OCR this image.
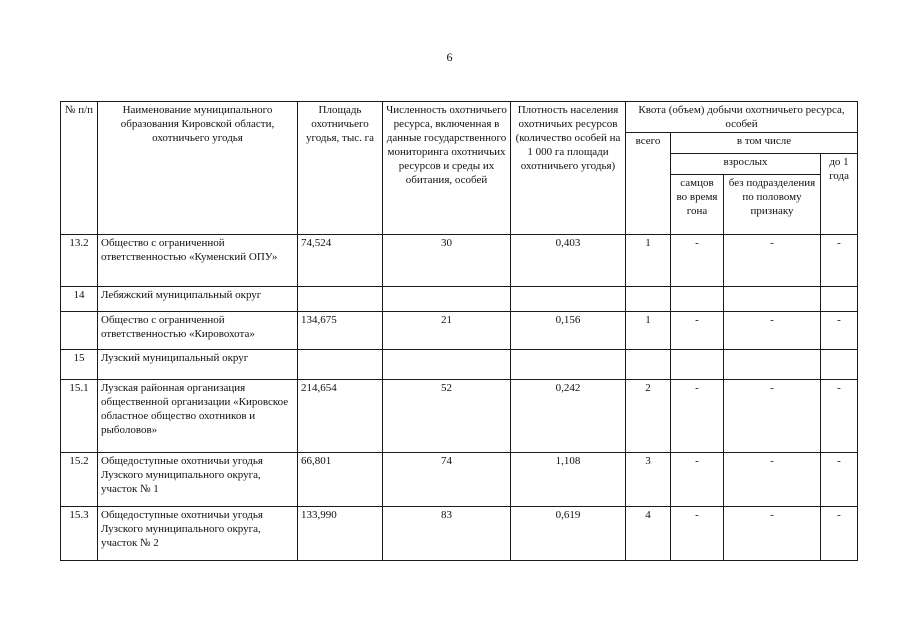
6
№ п/п	Наименование муниципального образования Кировской области, охотничьего угодья	Площадь охотничьего угодья, тыс. га	Численность охотничьего ресурса, включенная в данные государственного мониторинга охотничьих ресурсов и среды их обитания, особей	Плотность населения охотничьих ресурсов (количество особей на 1 000 га площади охотничьего угодья)	Квота (объем) добычи охотничьего ресурса, особей			
					всего	в том числе		
						взрослых		до 1 года
						самцов во время гона	без подразделения по половому признаку	
13.2	Общество с ограниченной ответственностью «Куменский ОПУ»	74,524	30	0,403	1	-	-	-
14	Лебяжский муниципальный округ							
	Общество с ограниченной ответственностью «Кировохота»	134,675	21	0,156	1	-	-	-
15	Лузский муниципальный округ							
15.1	Лузская районная организация общественной организации «Кировское областное общество охотников и рыболовов»	214,654	52	0,242	2	-	-	-
15.2	Общедоступные охотничьи угодья Лузского муниципального округа, участок № 1	66,801	74	1,108	3	-	-	-
15.3	Общедоступные охотничьи угодья Лузского муниципального округа, участок № 2	133,990	83	0,619	4	-	-	-
